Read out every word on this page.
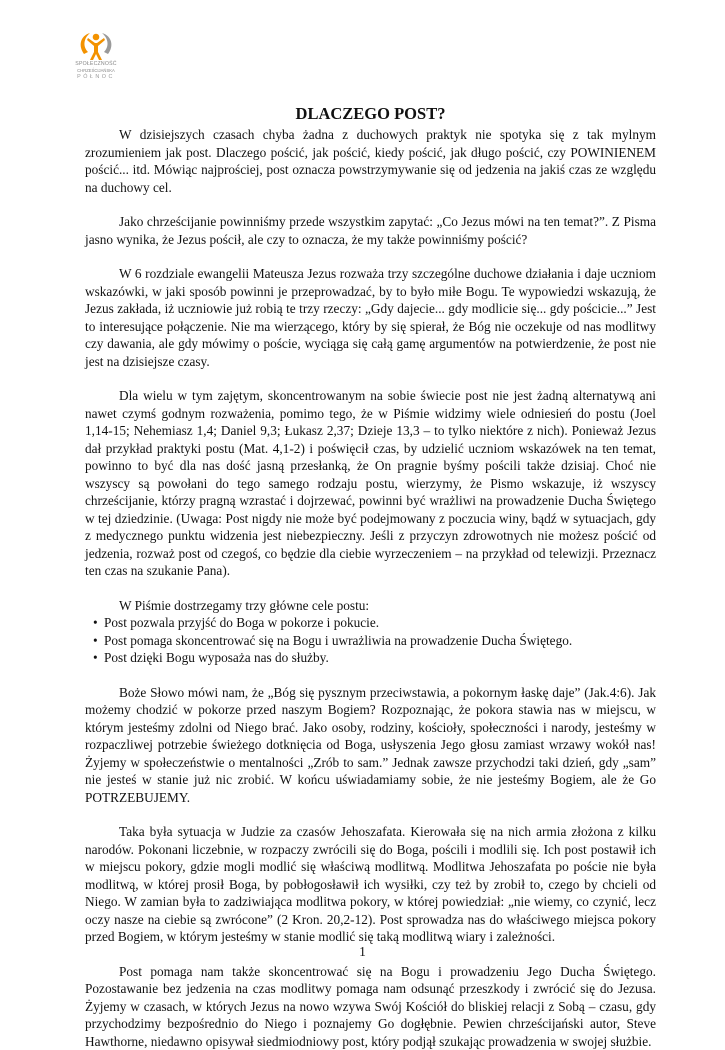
SPOŁECZNOŚĆ
CHRZEŚCIJAŃSKA
PÓŁNOC
DLACZEGO POST?

W dzisiejszych czasach chyba żadna z duchowych praktyk nie spotyka się z tak mylnym zrozumieniem jak post. Dlaczego pościć, jak pościć, kiedy pościć, jak długo pościć, czy POWINIENEM pościć... itd. Mówiąc najprościej, post oznacza powstrzymywanie się od jedzenia na jakiś czas ze względu na duchowy cel.

Jako chrześcijanie powinniśmy przede wszystkim zapytać: „Co Jezus mówi na ten temat?”. Z Pisma jasno wynika, że Jezus pościł, ale czy to oznacza, że my także powinniśmy pościć?

W 6 rozdziale ewangelii Mateusza Jezus rozważa trzy szczególne duchowe działania i daje uczniom wskazówki, w jaki sposób powinni je przeprowadzać, by to było miłe Bogu. Te wypowiedzi wskazują, że Jezus zakłada, iż uczniowie już robią te trzy rzeczy: „Gdy dajecie... gdy modlicie się... gdy pościcie...” Jest to interesujące połączenie. Nie ma wierzącego, który by się spierał, że Bóg nie oczekuje od nas modlitwy czy dawania, ale gdy mówimy o poście, wyciąga się całą gamę argumentów na potwierdzenie, że post nie jest na dzisiejsze czasy.

Dla wielu w tym zajętym, skoncentrowanym na sobie świecie post nie jest żadną alternatywą ani nawet czymś godnym rozważenia, pomimo tego, że w Piśmie widzimy wiele odniesień do postu (Joel 1,14-15; Nehemiasz 1,4; Daniel 9,3; Łukasz 2,37; Dzieje 13,3 – to tylko niektóre z nich). Ponieważ Jezus dał przykład praktyki postu (Mat. 4,1-2) i poświęcił czas, by udzielić uczniom wskazówek na ten temat, powinno to być dla nas dość jasną przesłanką, że On pragnie byśmy pościli także dzisiaj. Choć nie wszyscy są powołani do tego samego rodzaju postu, wierzymy, że Pismo wskazuje, iż wszyscy chrześcijanie, którzy pragną wzrastać i dojrzewać, powinni być wrażliwi na prowadzenie Ducha Świętego w tej dziedzinie. (Uwaga: Post nigdy nie może być podejmowany z poczucia winy, bądź w sytuacjach, gdy z medycznego punktu widzenia jest niebezpieczny. Jeśli z przyczyn zdrowotnych nie możesz pościć od jedzenia, rozważ post od czegoś, co będzie dla ciebie wyrzeczeniem – na przykład od telewizji. Przeznacz ten czas na szukanie Pana).

W Piśmie dostrzegamy trzy główne cele postu:

• Post pozwala przyjść do Boga w pokorze i pokucie.
• Post pomaga skoncentrować się na Bogu i uwrażliwia na prowadzenie Ducha Świętego.
• Post dzięki Bogu wyposaża nas do służby.

Boże Słowo mówi nam, że „Bóg się pysznym przeciwstawia, a pokornym łaskę daje” (Jak.4:6). Jak możemy chodzić w pokorze przed naszym Bogiem? Rozpoznając, że pokora stawia nas w miejscu, w którym jesteśmy zdolni od Niego brać. Jako osoby, rodziny, kościoły, społeczności i narody, jesteśmy w rozpaczliwej potrzebie świeżego dotknięcia od Boga, usłyszenia Jego głosu zamiast wrzawy wokół nas! Żyjemy w społeczeństwie o mentalności „Zrób to sam.” Jednak zawsze przychodzi taki dzień, gdy „sam” nie jesteś w stanie już nic zrobić. W końcu uświadamiamy sobie, że nie jesteśmy Bogiem, ale że Go POTRZEBUJEMY.

Taka była sytuacja w Judzie za czasów Jehoszafata. Kierowała się na nich armia złożona z kilku narodów. Pokonani liczebnie, w rozpaczy zwrócili się do Boga, pościli i modlili się. Ich post postawił ich w miejscu pokory, gdzie mogli modlić się właściwą modlitwą. Modlitwa Jehoszafata po poście nie była modlitwą, w której prosił Boga, by pobłogosławił ich wysiłki, czy też by zrobił to, czego by chcieli od Niego. W zamian była to zadziwiająca modlitwa pokory, w której powiedział: „nie wiemy, co czynić, lecz oczy nasze na ciebie są zwrócone” (2 Kron. 20,2-12). Post sprowadza nas do właściwego miejsca pokory przed Bogiem, w którym jesteśmy w stanie modlić się taką modlitwą wiary i zależności.

Post pomaga nam także skoncentrować się na Bogu i prowadzeniu Jego Ducha Świętego. Pozostawanie bez jedzenia na czas modlitwy pomaga nam odsunąć przeszkody i zwrócić się do Jezusa. Żyjemy w czasach, w których Jezus na nowo wzywa Swój Kościół do bliskiej relacji z Sobą – czasu, gdy przychodzimy bezpośrednio do Niego i poznajemy Go dogłębnie. Pewien chrześcijański autor, Steve Hawthorne, niedawno opisywał siedmiodniowy post, który podjął szukając prowadzenia w swojej służbie.

1
